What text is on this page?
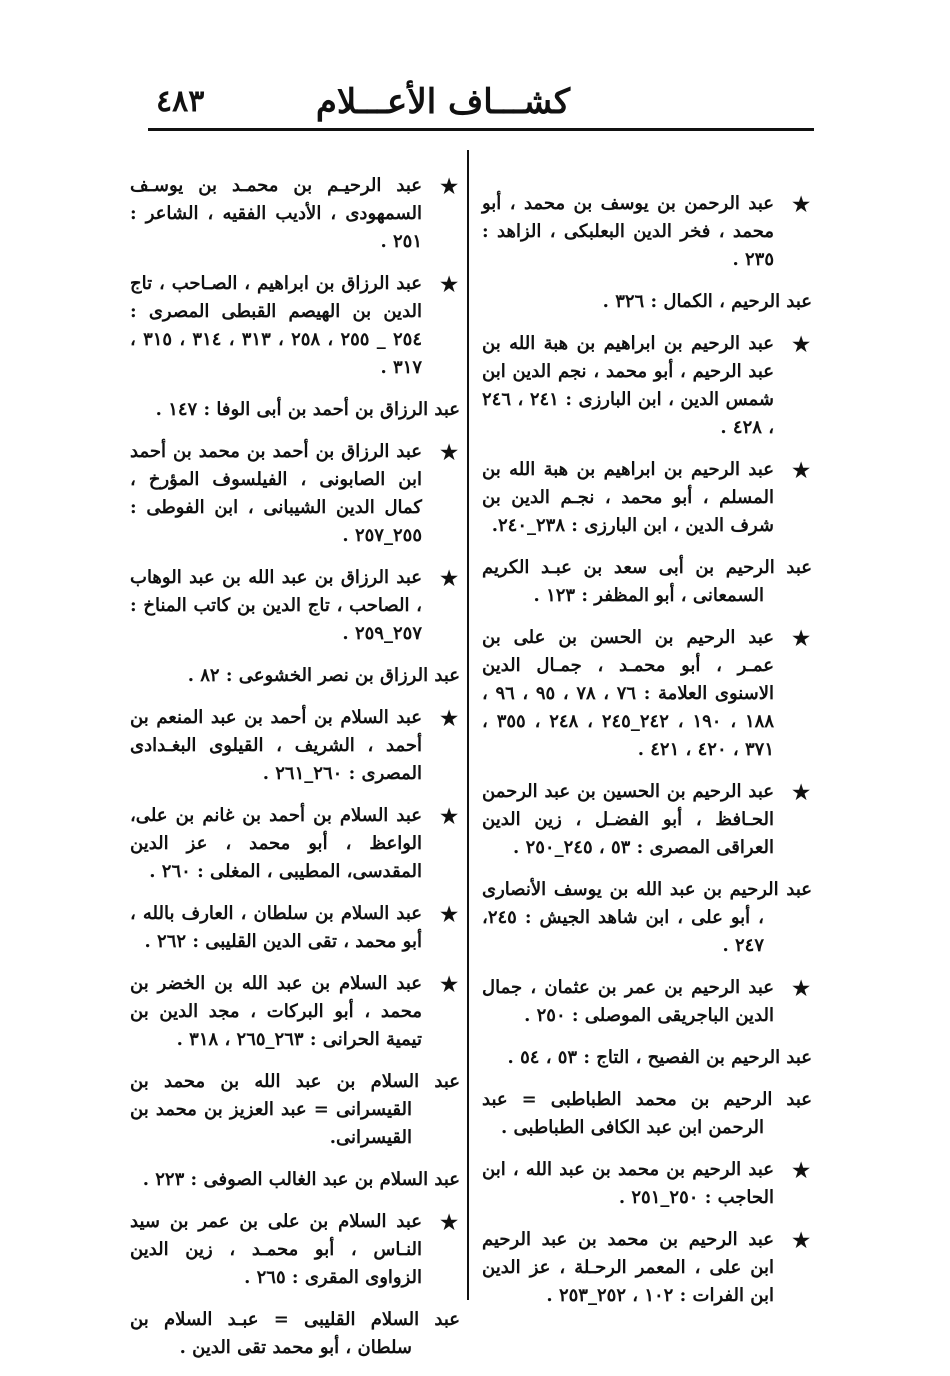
كشـــاف الأعـــلام
٤٨٣
★
عبد الرحمن بن يوسف بن محمد ، أبو محمد ، فخر الدين البعلبكى ، الزاهد : ٢٣٥ .
عبد الرحيم ، الكمال : ٣٢٦ .
★
عبد الرحيم بن ابراهيم بن هبة الله بن عبد الرحيم ، أبو محمد ، نجم الدين ابن شمس الدين ، ابن البارزى : ٢٤١ ، ٢٤٦ ، ٤٢٨ .
★
عبد الرحيم بن ابراهيم بن هبة الله بن المسلم ، أبو محمد ، نجـم الدين بن شرف الدين ، ابن البارزى : ٢٣٨_٢٤٠.
عبد الرحيم بن أبى سعد بن عبـد الكريم السمعانى ، أبو المظفر : ١٢٣ .
★
عبد الرحيم بن الحسن بن على بن عمـر ، أبو محمـد ، جمـال الدين الاسنوى العلامة : ٧٦ ، ٧٨ ، ٩٥ ، ٩٦ ، ١٨٨ ، ١٩٠ ، ٢٤٢_٢٤٥ ، ٢٤٨ ، ٣٥٥ ، ٣٧١ ، ٤٢٠ ، ٤٢١ .
★
عبد الرحيم بن الحسين بن عبد الرحمن الحـافظ ، أبو الفضـل ، زين الدين العراقى المصرى : ٥٣ ، ٢٤٥_٢٥٠ .
عبد الرحيم بن عبد الله بن يوسف الأنصارى ، أبو على ، ابن شاهد الجيش : ٢٤٥، ٢٤٧ .
★
عبد الرحيم بن عمر بن عثمان ، جمال الدين الباجريقى الموصلى : ٢٥٠ .
عبد الرحيم بن الفصيح ، التاج : ٥٣ ، ٥٤ .
عبد الرحيم بن محمد الطباطبى = عبد الرحمن ابن عبد الكافى الطباطبى .
★
عبد الرحيم بن محمد بن عبد الله ، ابن الحاجب : ٢٥٠_٢٥١ .
★
عبد الرحيم بن محمد بن عبد الرحيم ابن على ، المعمر الرحـلة ، عز الدين ابن الفرات : ١٠٢ ، ٢٥٢_٢٥٣ .
★
عبد الرحيـم بن محمـد بن يوسـف السمهودى ، الأديب الفقيه ، الشاعر : ٢٥١ .
★
عبد الرزاق بن ابراهيم ، الصـاحب ، تاج الدين بن الهيصم القبطى المصرى : ٢٥٤ _ ٢٥٥ ، ٢٥٨ ، ٣١٣ ، ٣١٤ ، ٣١٥ ، ٣١٧ .
عبد الرزاق بن أحمد بن أبى الوفا : ١٤٧ .
★
عبد الرزاق بن أحمد بن محمد بن أحمد ابن الصابونى ، الفيلسوف المؤرخ ، كمال الدين الشيبانى ، ابن الفوطى : ٢٥٥_٢٥٧ .
★
عبد الرزاق بن عبد الله بن عبد الوهاب ، الصاحب ، تاج الدين بن كاتب المناخ : ٢٥٧_٢٥٩ .
عبد الرزاق بن نصر الخشوعى : ٨٢ .
★
عبد السلام بن أحمد بن عبد المنعم بن أحمد ، الشريف ، القيلوى البغـدادى المصرى : ٢٦٠_٢٦١ .
★
عبد السلام بن أحمد بن غانم بن على، الواعظ ، أبو محمد ، عز الدين المقدسى، المطيبى ، المغلى : ٢٦٠ .
★
عبد السلام بن سلطان ، العارف بالله ، أبو محمد ، تقى الدين القليبى : ٢٦٢ .
★
عبد السلام بن عبد الله بن الخضر بن محمد ، أبو البركات ، مجد الدين بن تيمية الحرانى : ٢٦٣_٢٦٥ ، ٣١٨ .
عبد السلام بن عبد الله بن محمد بن القيسرانى = عبد العزيز بن محمد بن القيسرانى.
عبد السلام بن عبد الغالب الصوفى : ٢٢٣ .
★
عبد السلام بن على بن عمر بن سيد النـاس ، أبو محمـد ، زين الدين الزواوى المقرى : ٢٦٥ .
عبد السلام القليبى = عبـد السلام بن سلطان ، أبو محمد تقى الدين .
